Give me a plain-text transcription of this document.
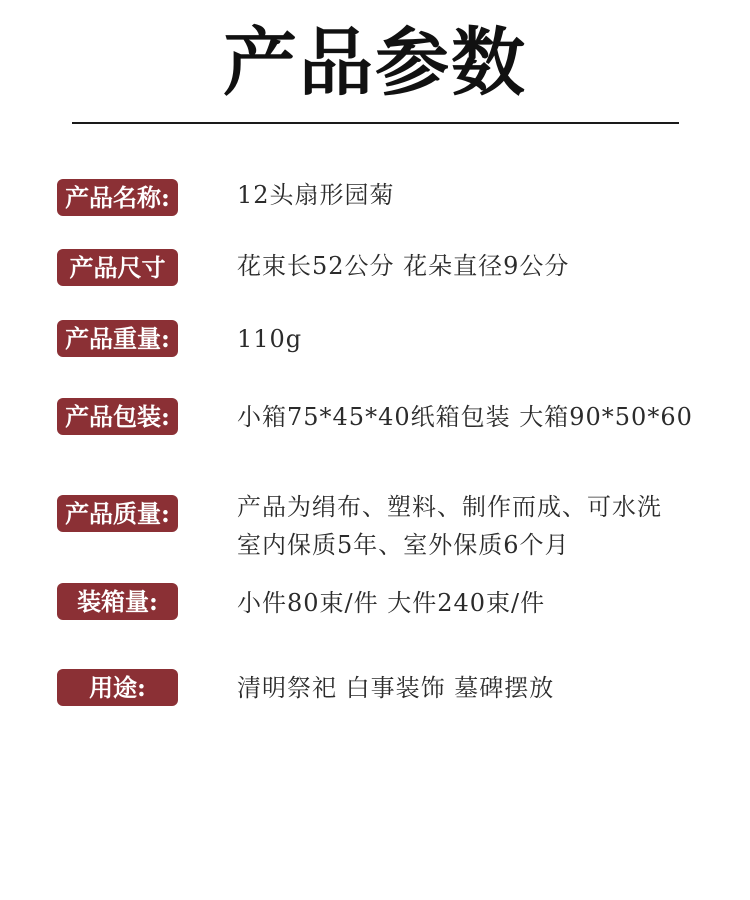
产品参数
产品名称:	12头扇形园菊
产品尺寸	花束长52公分 花朵直径9公分
产品重量:	110g
产品包装:	小箱75*45*40纸箱包装 大箱90*50*60
产品质量:	产品为绢布、塑料、制作而成、可水洗
室内保质5年、室外保质6个月
装箱量:	小件80束/件 大件240束/件
用途:	清明祭祀 白事装饰 墓碑摆放
